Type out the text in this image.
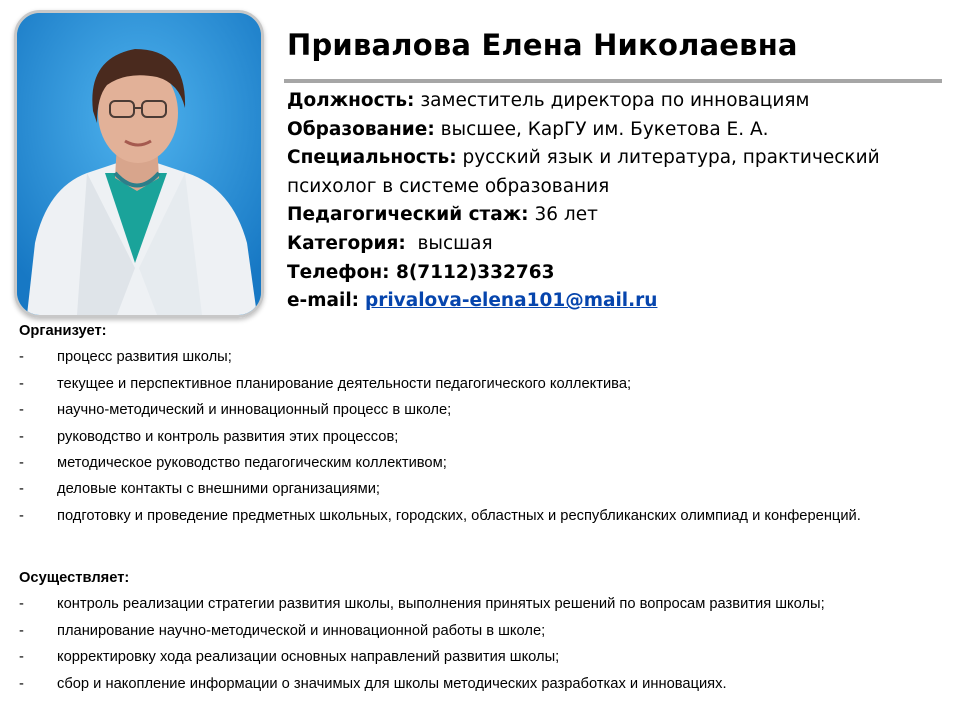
Привалова Елена Николаевна
Должность: заместитель директора по инновациям
Образование: высшее, КарГУ им. Букетова Е. А.
Специальность: русский язык и литература, практический психолог в системе образования
Педагогический стаж: 36 лет
Категория:  высшая
Телефон: 8(7112)332763
e-mail: privalova-elena101@mail.ru
Организует:
- процесс развития школы;
- текущее и перспективное планирование деятельности педагогического коллектива;
- научно-методический и инновационный процесс в школе;
- руководство и контроль развития этих процессов;
- методическое руководство педагогическим коллективом;
- деловые контакты с внешними организациями;
- подготовку и проведение предметных школьных, городских, областных и республиканских олимпиад и конференций.
Осуществляет:
- контроль реализации стратегии развития школы, выполнения принятых решений по вопросам развития школы;
- планирование научно-методической и инновационной работы в школе;
- корректировку хода реализации основных направлений развития школы;
- сбор и накопление информации о значимых для школы методических разработках и инновациях.
